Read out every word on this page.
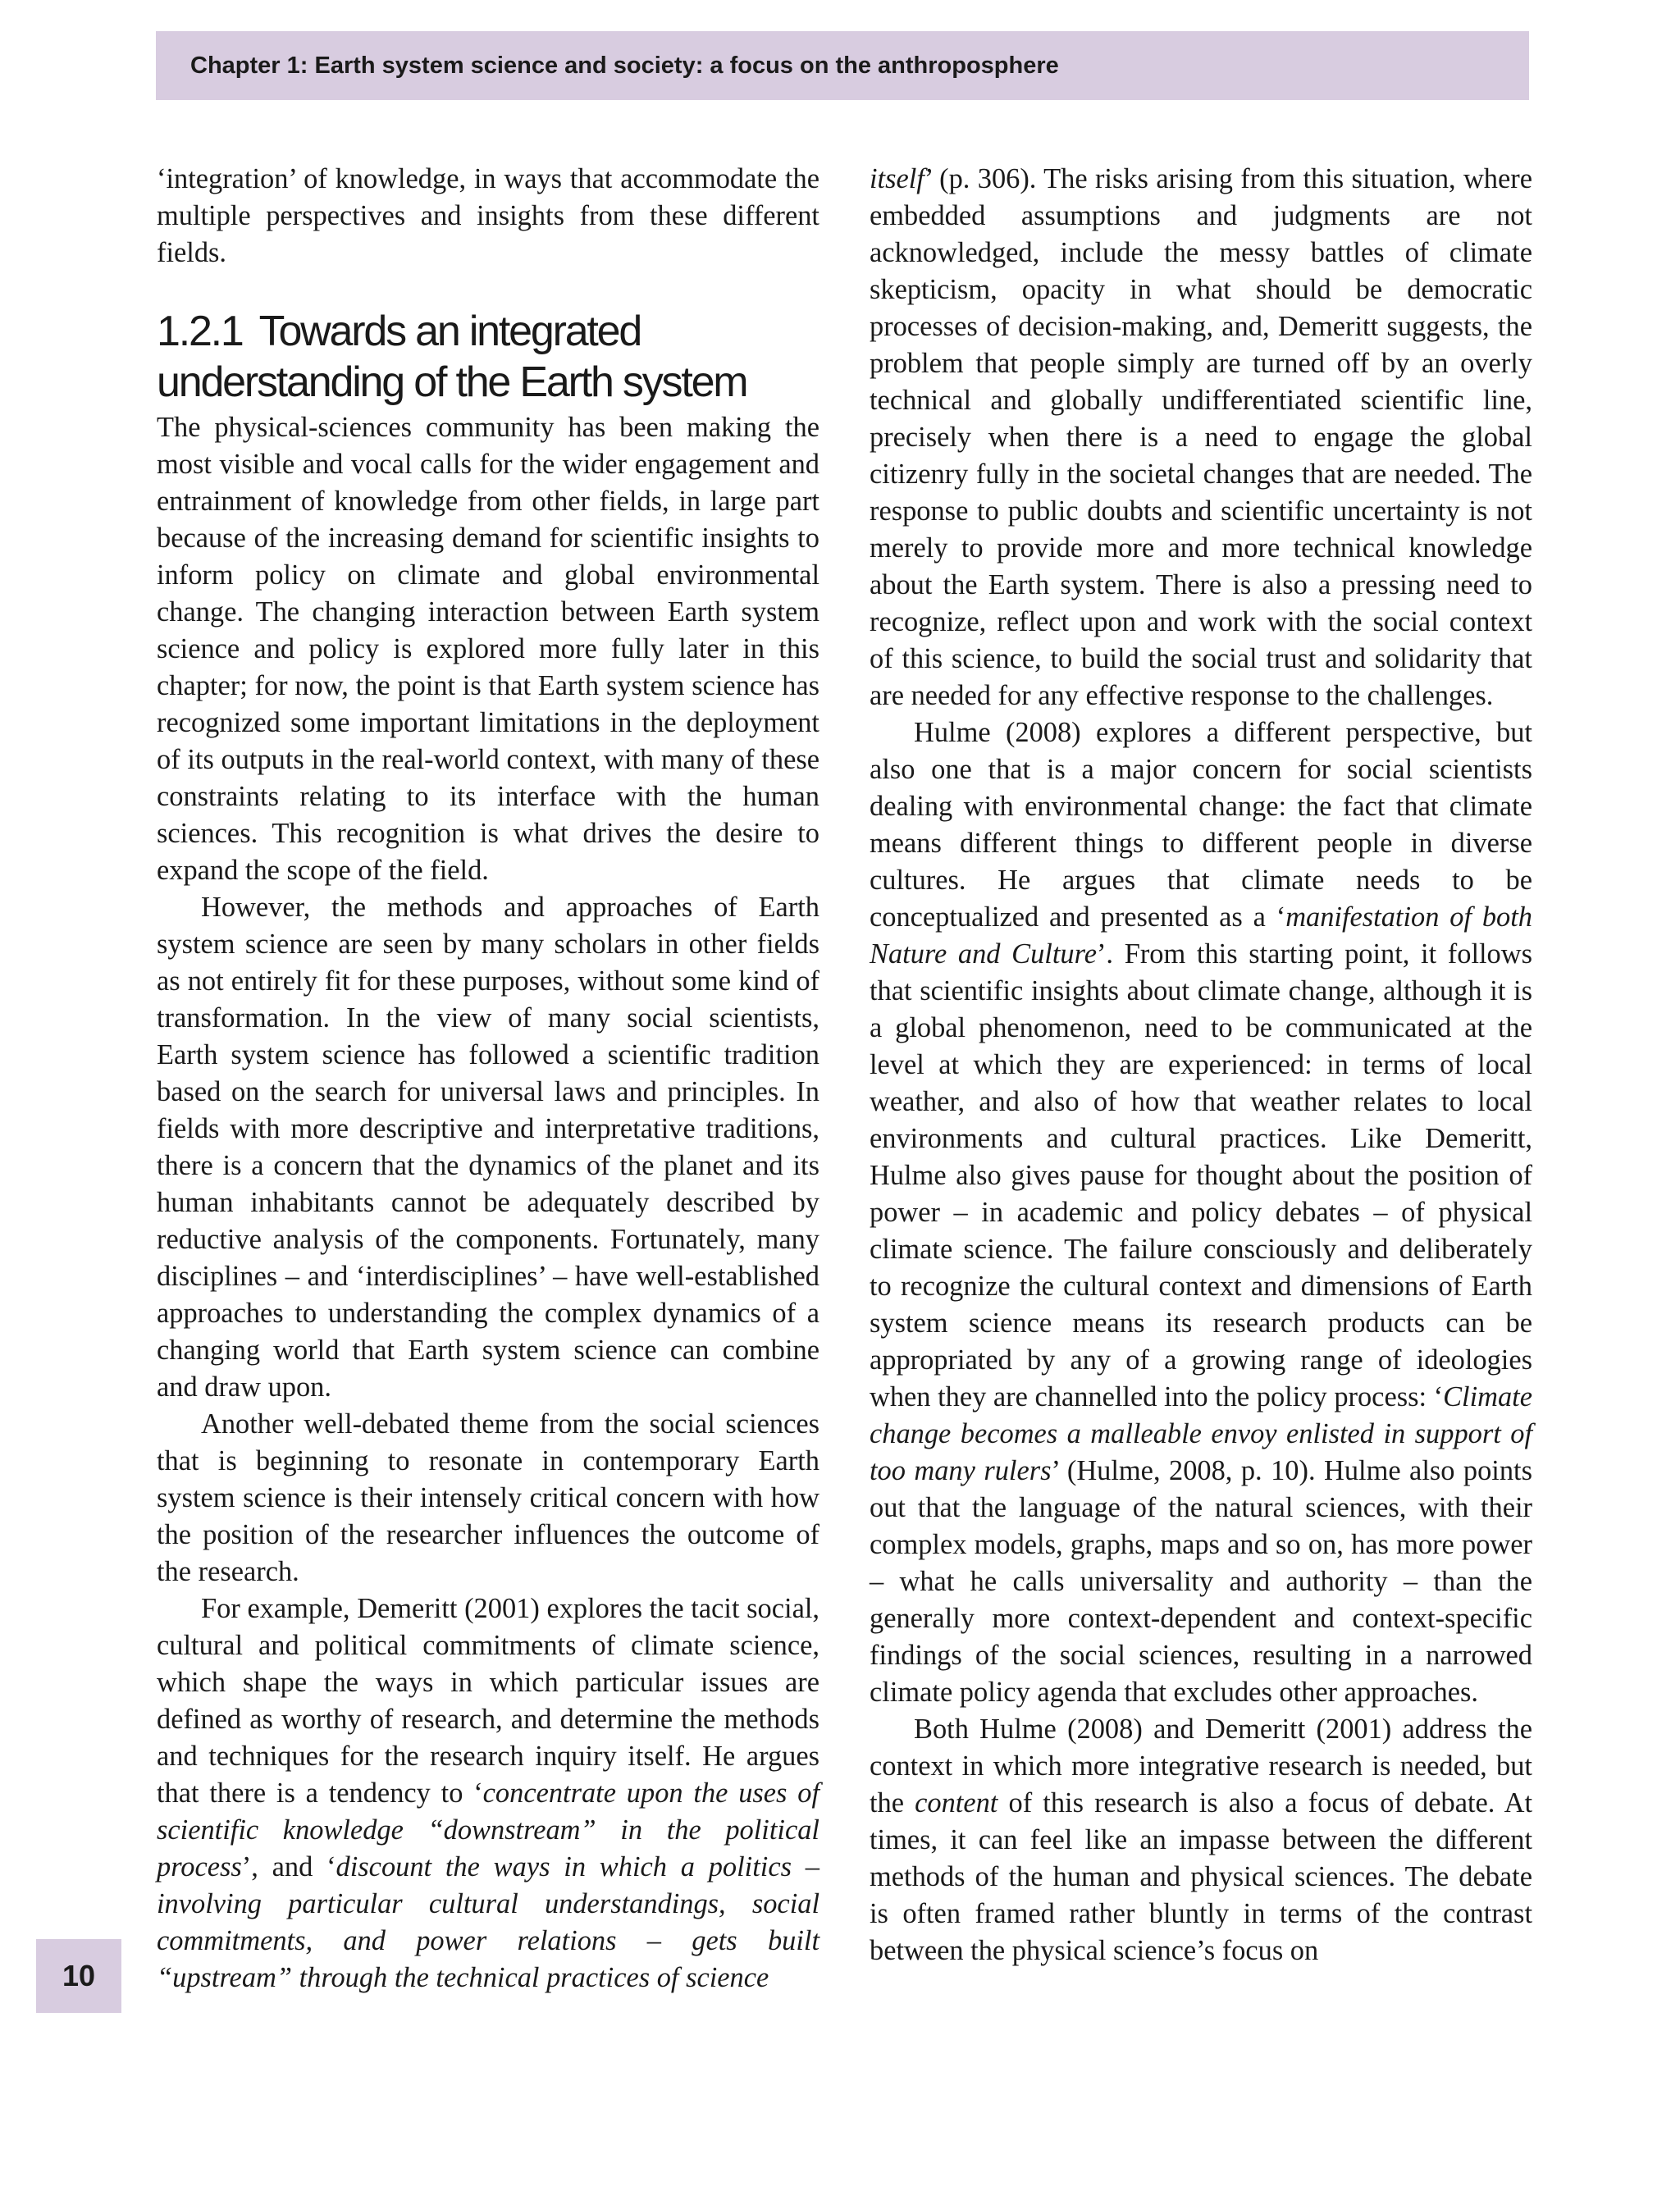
Chapter 1: Earth system science and society: a focus on the anthroposphere

‘integration’ of knowledge, in ways that accommodate the multiple perspectives and insights from these different fields.

1.2.1 Towards an integrated understanding of the Earth system

The physical-sciences community has been making the most visible and vocal calls for the wider engagement and entrainment of knowledge from other fields, in large part because of the increasing demand for scientific insights to inform policy on climate and global environmental change. The changing interaction between Earth system science and policy is explored more fully later in this chapter; for now, the point is that Earth system science has recognized some important limitations in the deployment of its outputs in the real-world context, with many of these constraints relating to its interface with the human sciences. This recognition is what drives the desire to expand the scope of the field.

However, the methods and approaches of Earth system science are seen by many scholars in other fields as not entirely fit for these purposes, without some kind of transformation. In the view of many social scientists, Earth system science has followed a scientific tradition based on the search for universal laws and principles. In fields with more descriptive and interpretative traditions, there is a concern that the dynamics of the planet and its human inhabitants cannot be adequately described by reductive analysis of the components. Fortunately, many disciplines – and ‘interdisciplines’ – have well-established approaches to understanding the complex dynamics of a changing world that Earth system science can combine and draw upon.

Another well-debated theme from the social sciences that is beginning to resonate in contemporary Earth system science is their intensely critical concern with how the position of the researcher influences the outcome of the research.

For example, Demeritt (2001) explores the tacit social, cultural and political commitments of climate science, which shape the ways in which particular issues are defined as worthy of research, and determine the methods and techniques for the research inquiry itself. He argues that there is a tendency to ‘concentrate upon the uses of scientific knowledge “downstream” in the political process’, and ‘discount the ways in which a politics – involving particular cultural understandings, social commitments, and power relations – gets built “upstream” through the technical practices of science

itself’ (p. 306). The risks arising from this situation, where embedded assumptions and judgments are not acknowledged, include the messy battles of climate skepticism, opacity in what should be democratic processes of decision-making, and, Demeritt suggests, the problem that people simply are turned off by an overly technical and globally undifferentiated scientific line, precisely when there is a need to engage the global citizenry fully in the societal changes that are needed. The response to public doubts and scientific uncertainty is not merely to provide more and more technical knowledge about the Earth system. There is also a pressing need to recognize, reflect upon and work with the social context of this science, to build the social trust and solidarity that are needed for any effective response to the challenges.

Hulme (2008) explores a different perspective, but also one that is a major concern for social scientists dealing with environmental change: the fact that climate means different things to different people in diverse cultures. He argues that climate needs to be conceptualized and presented as a ‘manifestation of both Nature and Culture’. From this starting point, it follows that scientific insights about climate change, although it is a global phenomenon, need to be communicated at the level at which they are experienced: in terms of local weather, and also of how that weather relates to local environments and cultural practices. Like Demeritt, Hulme also gives pause for thought about the position of power – in academic and policy debates – of physical climate science. The failure consciously and deliberately to recognize the cultural context and dimensions of Earth system science means its research products can be appropriated by any of a growing range of ideologies when they are channelled into the policy process: ‘Climate change becomes a malleable envoy enlisted in support of too many rulers’ (Hulme, 2008, p. 10). Hulme also points out that the language of the natural sciences, with their complex models, graphs, maps and so on, has more power – what he calls universality and authority – than the generally more context-dependent and context-specific findings of the social sciences, resulting in a narrowed climate policy agenda that excludes other approaches.

Both Hulme (2008) and Demeritt (2001) address the context in which more integrative research is needed, but the content of this research is also a focus of debate. At times, it can feel like an impasse between the different methods of the human and physical sciences. The debate is often framed rather bluntly in terms of the contrast between the physical science’s focus on

10
